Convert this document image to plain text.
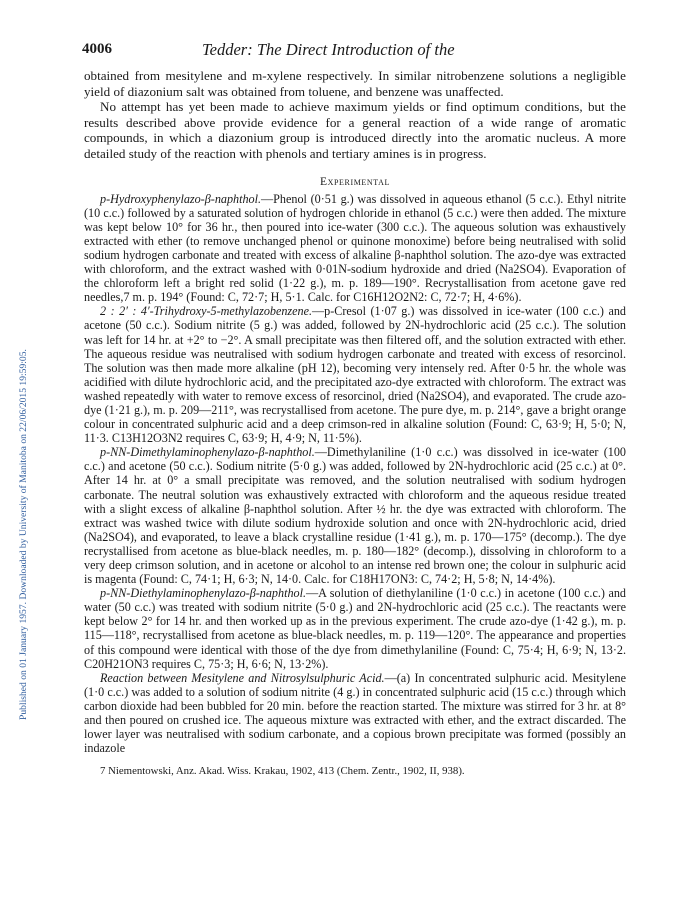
Published on 01 January 1957. Downloaded by University of Manitoba on 22/06/2015 19:59:05.
4006	Tedder: The Direct Introduction of the

obtained from mesitylene and m-xylene respectively. In similar nitrobenzene solutions a negligible yield of diazonium salt was obtained from toluene, and benzene was unaffected.

No attempt has yet been made to achieve maximum yields or find optimum conditions, but the results described above provide evidence for a general reaction of a wide range of aromatic compounds, in which a diazonium group is introduced directly into the aromatic nucleus. A more detailed study of the reaction with phenols and tertiary amines is in progress.

Experimental

p-Hydroxyphenylazo-β-naphthol.—Phenol (0·51 g.) was dissolved in aqueous ethanol (5 c.c.). Ethyl nitrite (10 c.c.) followed by a saturated solution of hydrogen chloride in ethanol (5 c.c.) were then added. The mixture was kept below 10° for 36 hr., then poured into ice-water (300 c.c.). The aqueous solution was exhaustively extracted with ether (to remove unchanged phenol or quinone monoxime) before being neutralised with solid sodium hydrogen carbonate and treated with excess of alkaline β-naphthol solution. The azo-dye was extracted with chloroform, and the extract washed with 0·01N-sodium hydroxide and dried (Na2SO4). Evaporation of the chloroform left a bright red solid (1·22 g.), m. p. 189—190°. Recrystallisation from acetone gave red needles,7 m. p. 194° (Found: C, 72·7; H, 5·1. Calc. for C16H12O2N2: C, 72·7; H, 4·6%).

2 : 2′ : 4′-Trihydroxy-5-methylazobenzene.—p-Cresol (1·07 g.) was dissolved in ice-water (100 c.c.) and acetone (50 c.c.). Sodium nitrite (5 g.) was added, followed by 2N-hydrochloric acid (25 c.c.). The solution was left for 14 hr. at +2° to −2°. A small precipitate was then filtered off, and the solution extracted with ether. The aqueous residue was neutralised with sodium hydrogen carbonate and treated with excess of resorcinol. The solution was then made more alkaline (pH 12), becoming very intensely red. After 0·5 hr. the whole was acidified with dilute hydrochloric acid, and the precipitated azo-dye extracted with chloroform. The extract was washed repeatedly with water to remove excess of resorcinol, dried (Na2SO4), and evaporated. The crude azo-dye (1·21 g.), m. p. 209—211°, was recrystallised from acetone. The pure dye, m. p. 214°, gave a bright orange colour in concentrated sulphuric acid and a deep crimson-red in alkaline solution (Found: C, 63·9; H, 5·0; N, 11·3. C13H12O3N2 requires C, 63·9; H, 4·9; N, 11·5%).

p-NN-Dimethylaminophenylazo-β-naphthol.—Dimethylaniline (1·0 c.c.) was dissolved in ice-water (100 c.c.) and acetone (50 c.c.). Sodium nitrite (5·0 g.) was added, followed by 2N-hydrochloric acid (25 c.c.) at 0°. After 14 hr. at 0° a small precipitate was removed, and the solution neutralised with sodium hydrogen carbonate. The neutral solution was exhaustively extracted with chloroform and the aqueous residue treated with a slight excess of alkaline β-naphthol solution. After ½ hr. the dye was extracted with chloroform. The extract was washed twice with dilute sodium hydroxide solution and once with 2N-hydrochloric acid, dried (Na2SO4), and evaporated, to leave a black crystalline residue (1·41 g.), m. p. 170—175° (decomp.). The dye recrystallised from acetone as blue-black needles, m. p. 180—182° (decomp.), dissolving in chloroform to a very deep crimson solution, and in acetone or alcohol to an intense red brown one; the colour in sulphuric acid is magenta (Found: C, 74·1; H, 6·3; N, 14·0. Calc. for C18H17ON3: C, 74·2; H, 5·8; N, 14·4%).

p-NN-Diethylaminophenylazo-β-naphthol.—A solution of diethylaniline (1·0 c.c.) in acetone (100 c.c.) and water (50 c.c.) was treated with sodium nitrite (5·0 g.) and 2N-hydrochloric acid (25 c.c.). The reactants were kept below 2° for 14 hr. and then worked up as in the previous experiment. The crude azo-dye (1·42 g.), m. p. 115—118°, recrystallised from acetone as blue-black needles, m. p. 119—120°. The appearance and properties of this compound were identical with those of the dye from dimethylaniline (Found: C, 75·4; H, 6·9; N, 13·2. C20H21ON3 requires C, 75·3; H, 6·6; N, 13·2%).

Reaction between Mesitylene and Nitrosylsulphuric Acid.—(a) In concentrated sulphuric acid. Mesitylene (1·0 c.c.) was added to a solution of sodium nitrite (4 g.) in concentrated sulphuric acid (15 c.c.) through which carbon dioxide had been bubbled for 20 min. before the reaction started. The mixture was stirred for 3 hr. at 8° and then poured on crushed ice. The aqueous mixture was extracted with ether, and the extract discarded. The lower layer was neutralised with sodium carbonate, and a copious brown precipitate was formed (possibly an indazole

7 Niementowski, Anz. Akad. Wiss. Krakau, 1902, 413 (Chem. Zentr., 1902, II, 938).
